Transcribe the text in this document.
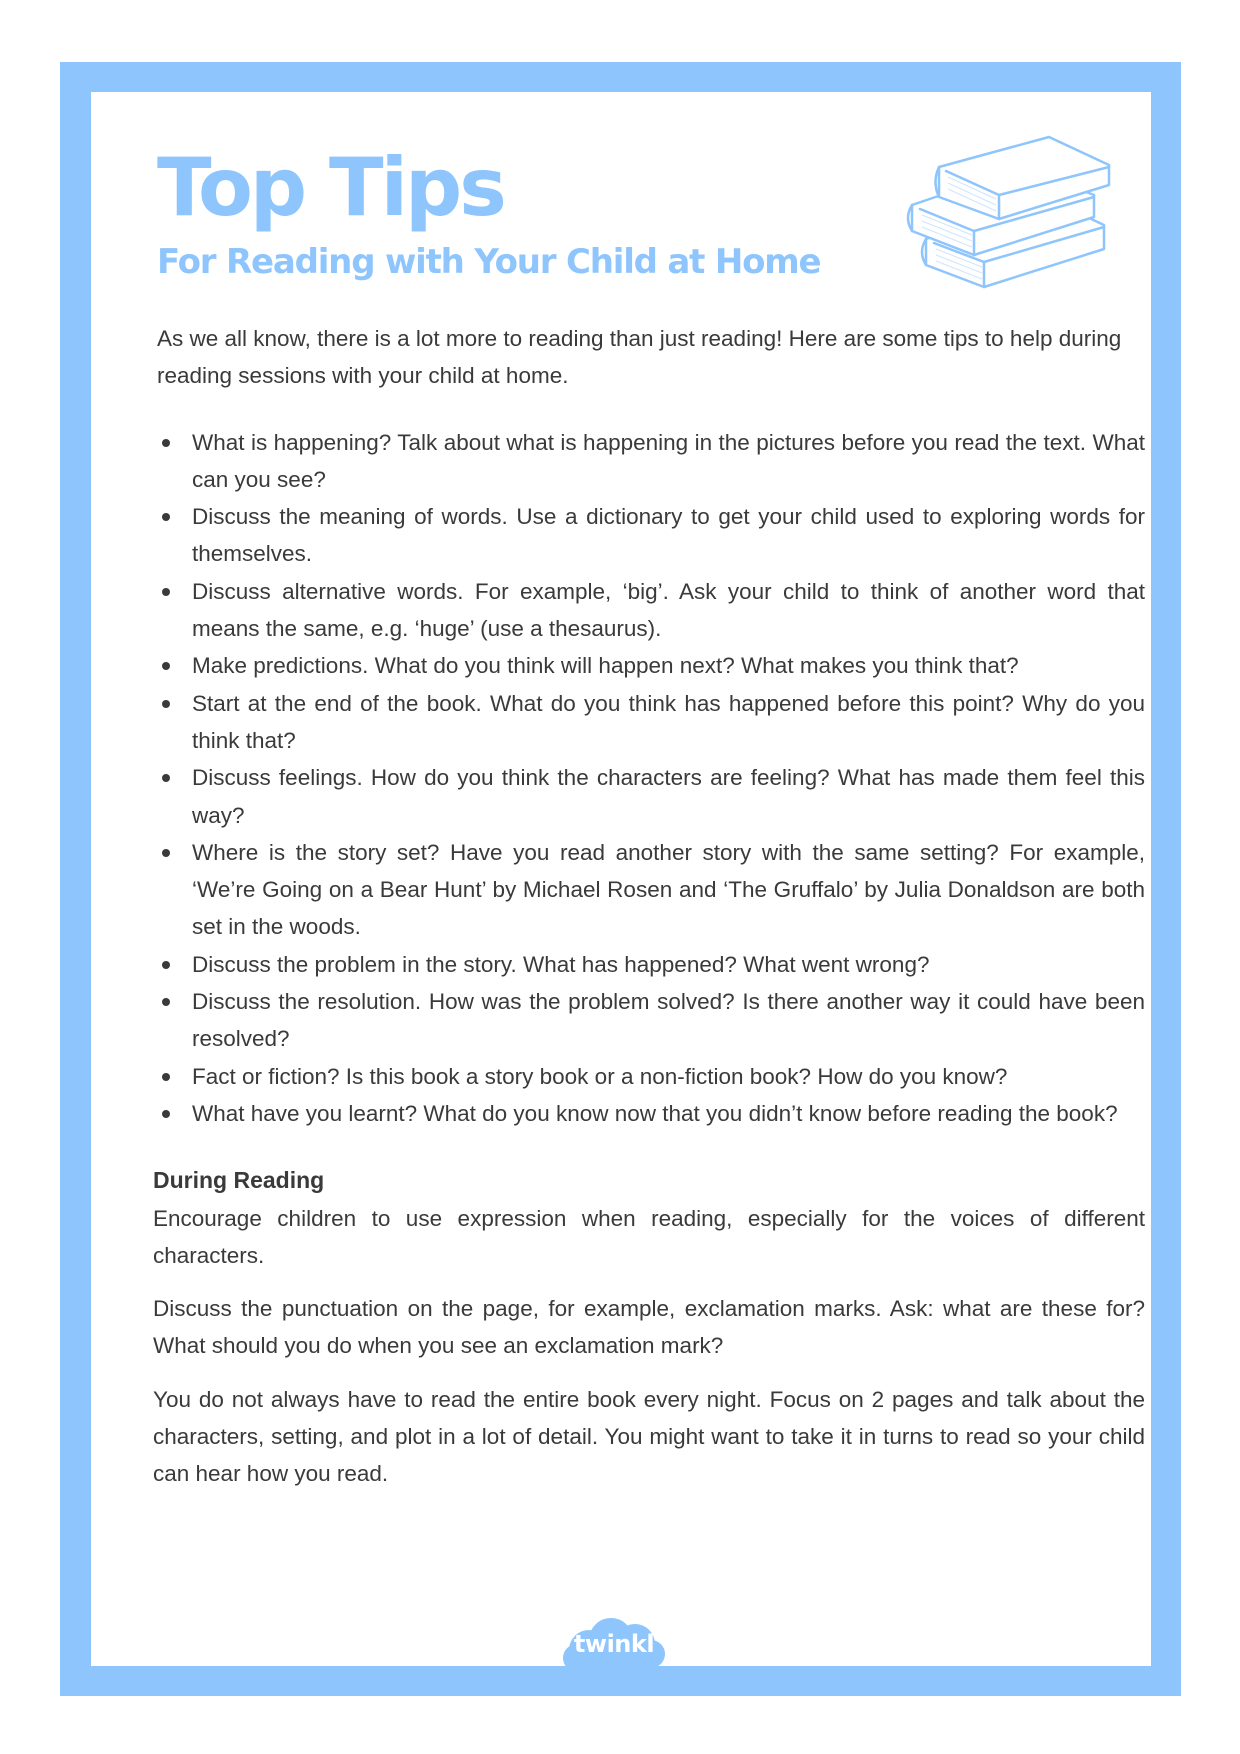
Top Tips
For Reading with Your Child at Home

As we all know, there is a lot more to reading than just reading! Here are some tips to help during reading sessions with your child at home.

What is happening? Talk about what is happening in the pictures before you read the text. What can you see?
Discuss the meaning of words. Use a dictionary to get your child used to exploring words for themselves.
Discuss alternative words. For example, ‘big’. Ask your child to think of another word that means the same, e.g. ‘huge’ (use a thesaurus).
Make predictions. What do you think will happen next? What makes you think that?
Start at the end of the book. What do you think has happened before this point? Why do you think that?
Discuss feelings. How do you think the characters are feeling? What has made them feel this way?
Where is the story set? Have you read another story with the same setting? For example, ‘We’re Going on a Bear Hunt’ by Michael Rosen and ‘The Gruffalo’ by Julia Donaldson are both set in the woods.
Discuss the problem in the story. What has happened? What went wrong?
Discuss the resolution. How was the problem solved? Is there another way it could have been resolved?
Fact or fiction? Is this book a story book or a non-fiction book? How do you know?
What have you learnt? What do you know now that you didn’t know before reading the book?
During Reading

Encourage children to use expression when reading, especially for the voices of different characters.

Discuss the punctuation on the page, for example, exclamation marks. Ask: what are these for? What should you do when you see an exclamation mark?

You do not always have to read the entire book every night. Focus on 2 pages and talk about the characters, setting, and plot in a lot of detail. You might want to take it in turns to read so your child can hear how you read.

twinkl
